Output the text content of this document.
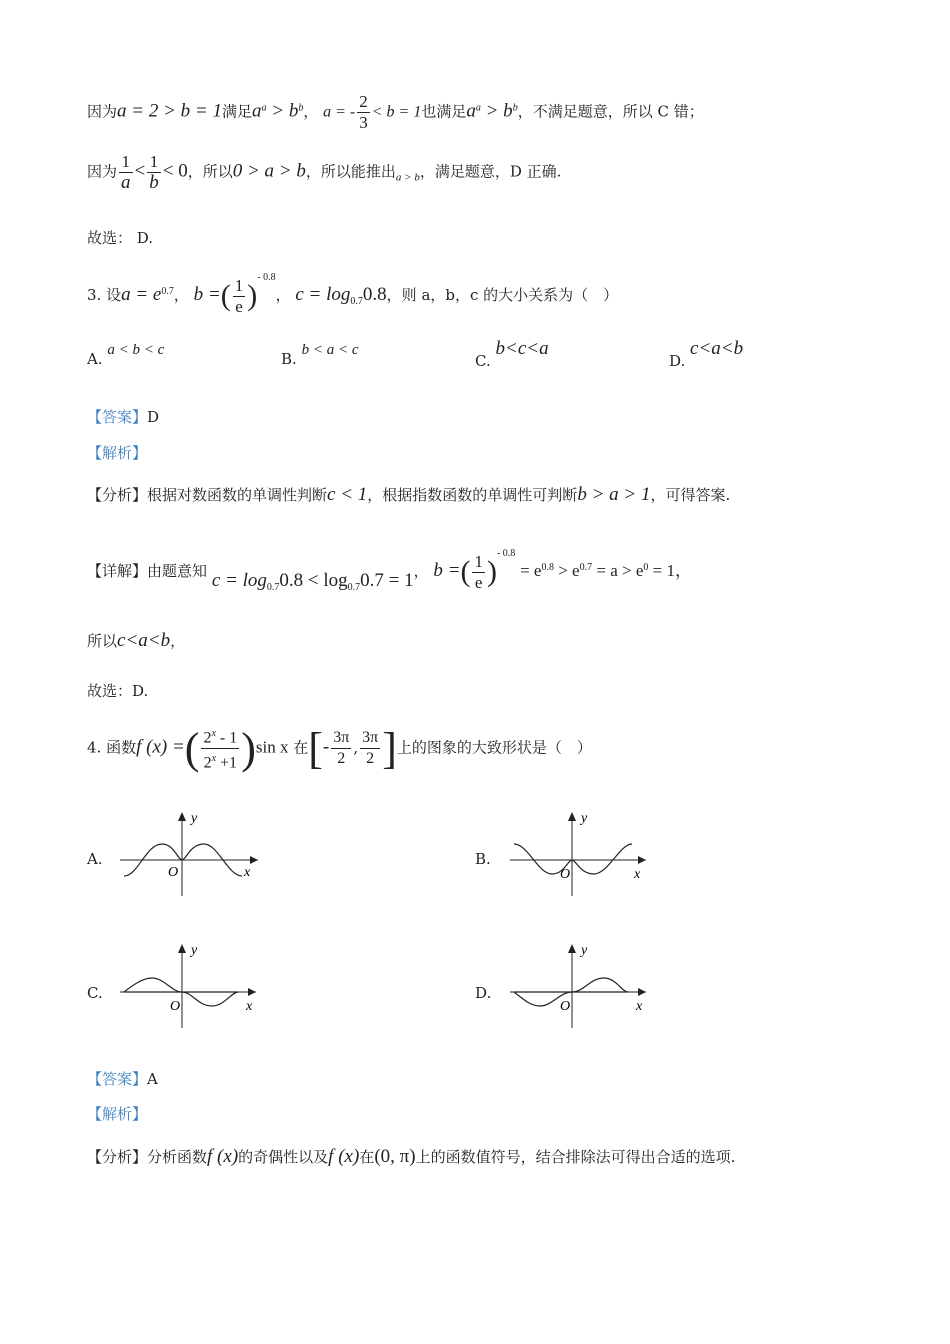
因为a = 2 > b = 1满足$a^a > b^b$， a = - $\frac{2}{3} < b = 1$也满足$a^a > b^b$，不满足题意，所以 C 错；
因为 $\frac{1}{a} < \frac{1}{b} < 0$，所以0 > a > b，所以能推出$_{a > b}$，满足题意，D 正确.
故选： D.
3. 设$a = e^{0.7}$， b =( $\frac{1}{e} )^{- 0.8}$， $c = \log_{0.7}0.8$，则 a，b，c 的大小关系为（　）
A. a < b < c	B. b < a < c
C. b<c<a
D. c<a<b
【答案】D
【解析】
【分析】根据对数函数的单调性判断c < 1，根据指数函数的单调性可判断b > a > 1，可得答案.
【详解】由题意知 $c = \log_{0.7}0.8 < \log_{0.7}0.7 = 1$， b =( $\frac{1}{e} )^{- 0.8} = e^{0.8} > e^{0.7} = a > e^0 = 1$，
所以c<a<b，
故选：D.
4. 函数f (x) =( $\frac{2^x - 1}{2^x +1} )\sin$ x 在[- $\frac{3\pi}{2}$ , $\frac{3\pi}{2}$ ]上的图象的大致形状是（　）
A.
y
x
O
B.
y
x
O
C.
y
x
O
D.
y
x
O
【答案】A
【解析】
【分析】分析函数f (x)的奇偶性以及f (x)在(0, π)上的函数值符号，结合排除法可得出合适的选项.
